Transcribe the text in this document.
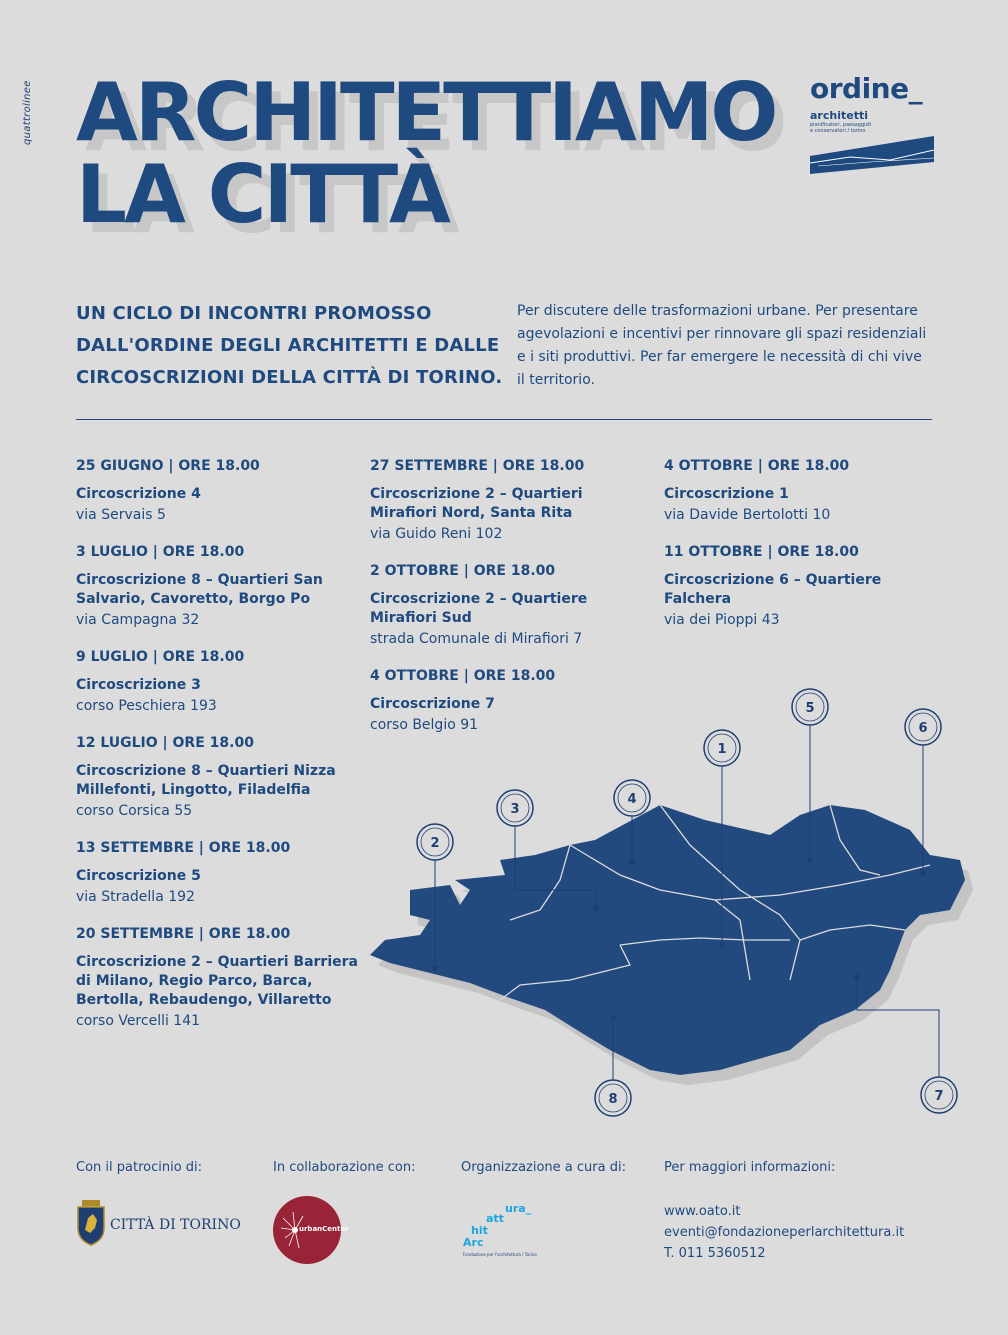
quattrolinee ARCHITETTIAMO
LA CITTÀ
ordine_
architetti
pianificatori, paesaggisti
e conservatori / torino
UN CICLO DI INCONTRI PROMOSSO
DALL'ORDINE DEGLI ARCHITETTI E DALLE
CIRCOSCRIZIONI DELLA CITTÀ DI TORINO.
Per discutere delle trasformazioni urbane. Per presentare
agevolazioni e incentivi per rinnovare gli spazi residenziali
e i siti produttivi. Per far emergere le necessità di chi vive
il territorio.
1
2
3
4
5
6
7
8
25 GIUGNO | ORE 18.00
Circoscrizione 4
via Servais 5
3 LUGLIO | ORE 18.00
Circoscrizione 8 – Quartieri San
Salvario, Cavoretto, Borgo Po
via Campagna 32
9 LUGLIO | ORE 18.00
Circoscrizione 3
corso Peschiera 193
12 LUGLIO | ORE 18.00
Circoscrizione 8 – Quartieri Nizza
Millefonti, Lingotto, Filadelfia
corso Corsica 55
13 SETTEMBRE | ORE 18.00
Circoscrizione 5
via Stradella 192
20 SETTEMBRE | ORE 18.00
Circoscrizione 2 – Quartieri Barriera
di Milano, Regio Parco, Barca,
Bertolla, Rebaudengo, Villaretto
corso Vercelli 141
27 SETTEMBRE | ORE 18.00
Circoscrizione 2 – Quartieri
Mirafiori Nord, Santa Rita
via Guido Reni 102
2 OTTOBRE | ORE 18.00
Circoscrizione 2 – Quartiere
Mirafiori Sud
strada Comunale di Mirafiori 7
4 OTTOBRE | ORE 18.00
Circoscrizione 7
corso Belgio 91
4 OTTOBRE | ORE 18.00
Circoscrizione 1
via Davide Bertolotti 10
11 OTTOBRE | ORE 18.00
Circoscrizione 6 – Quartiere
Falchera
via dei Pioppi 43
Con il patrocinio di:	In collaborazione con:	Organizzazione a cura di:	Per maggiori informazioni:
CITTÀ DI TORINO	urbanCenter
ura_
att
hit
Arc
Fondazione per l'architettura / Torino
www.oato.it
eventi@fondazioneperlarchitettura.it
T. 011 5360512
